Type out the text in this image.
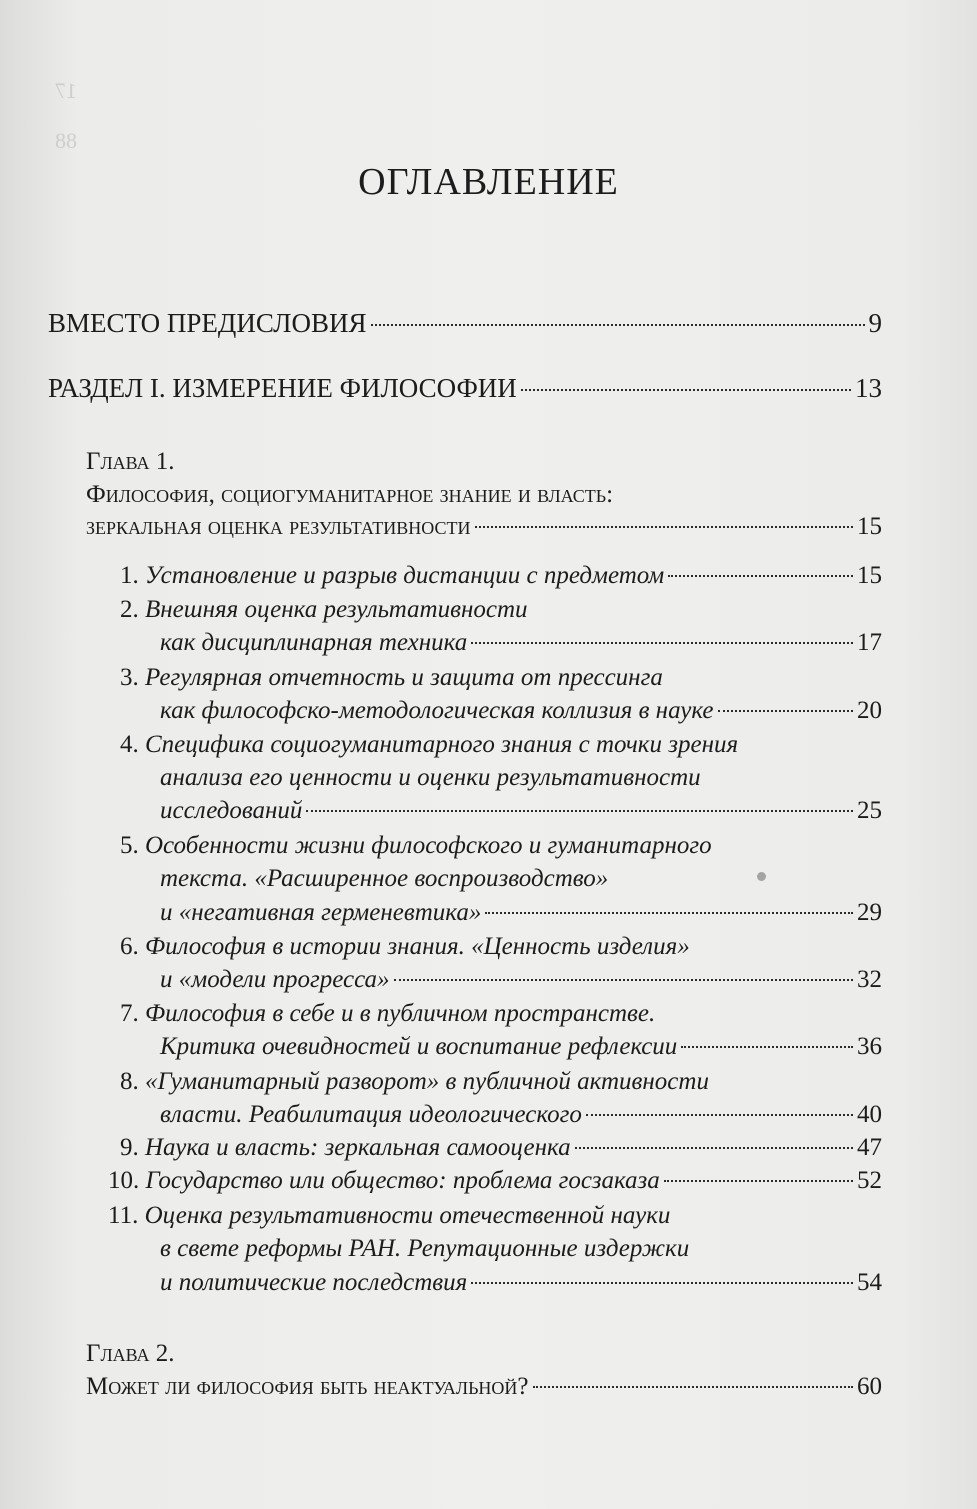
17
88
ОГЛАВЛЕНИЕ
ВМЕСТО ПРЕДИСЛОВИЯ	9
РАЗДЕЛ I. ИЗМЕРЕНИЕ ФИЛОСОФИИ	13
Глава 1.
Философия, социогуманитарное знание и власть:
зеркальная оценка результативности	15
1.
Установление и разрыв дистанции с предметом	15
2. Внешняя оценка результативности
как дисциплинарная техника	17
3. Регулярная отчетность и защита от прессинга
как философско-методологическая коллизия в науке	20
4. Специфика социогуманитарного знания с точки зрения
анализа его ценности и оценки результативности
исследований	25
5. Особенности жизни философского и гуманитарного
текста. «Расширенное воспроизводство»
и «негативная герменевтика»	29
6. Философия в истории знания. «Ценность изделия»
и «модели прогресса»	32
7. Философия в себе и в публичном пространстве.
Критика очевидностей и воспитание рефлексии	36
8. «Гуманитарный разворот» в публичной активности
власти. Реабилитация идеологического	40
9.
Наука и власть: зеркальная самооценка	47
10.
Государство или общество: проблема госзаказа	52
11. Оценка результативности отечественной науки
в свете реформы РАН. Репутационные издержки
и политические последствия	54
Глава 2.
Может ли философия быть неактуальной?	60
